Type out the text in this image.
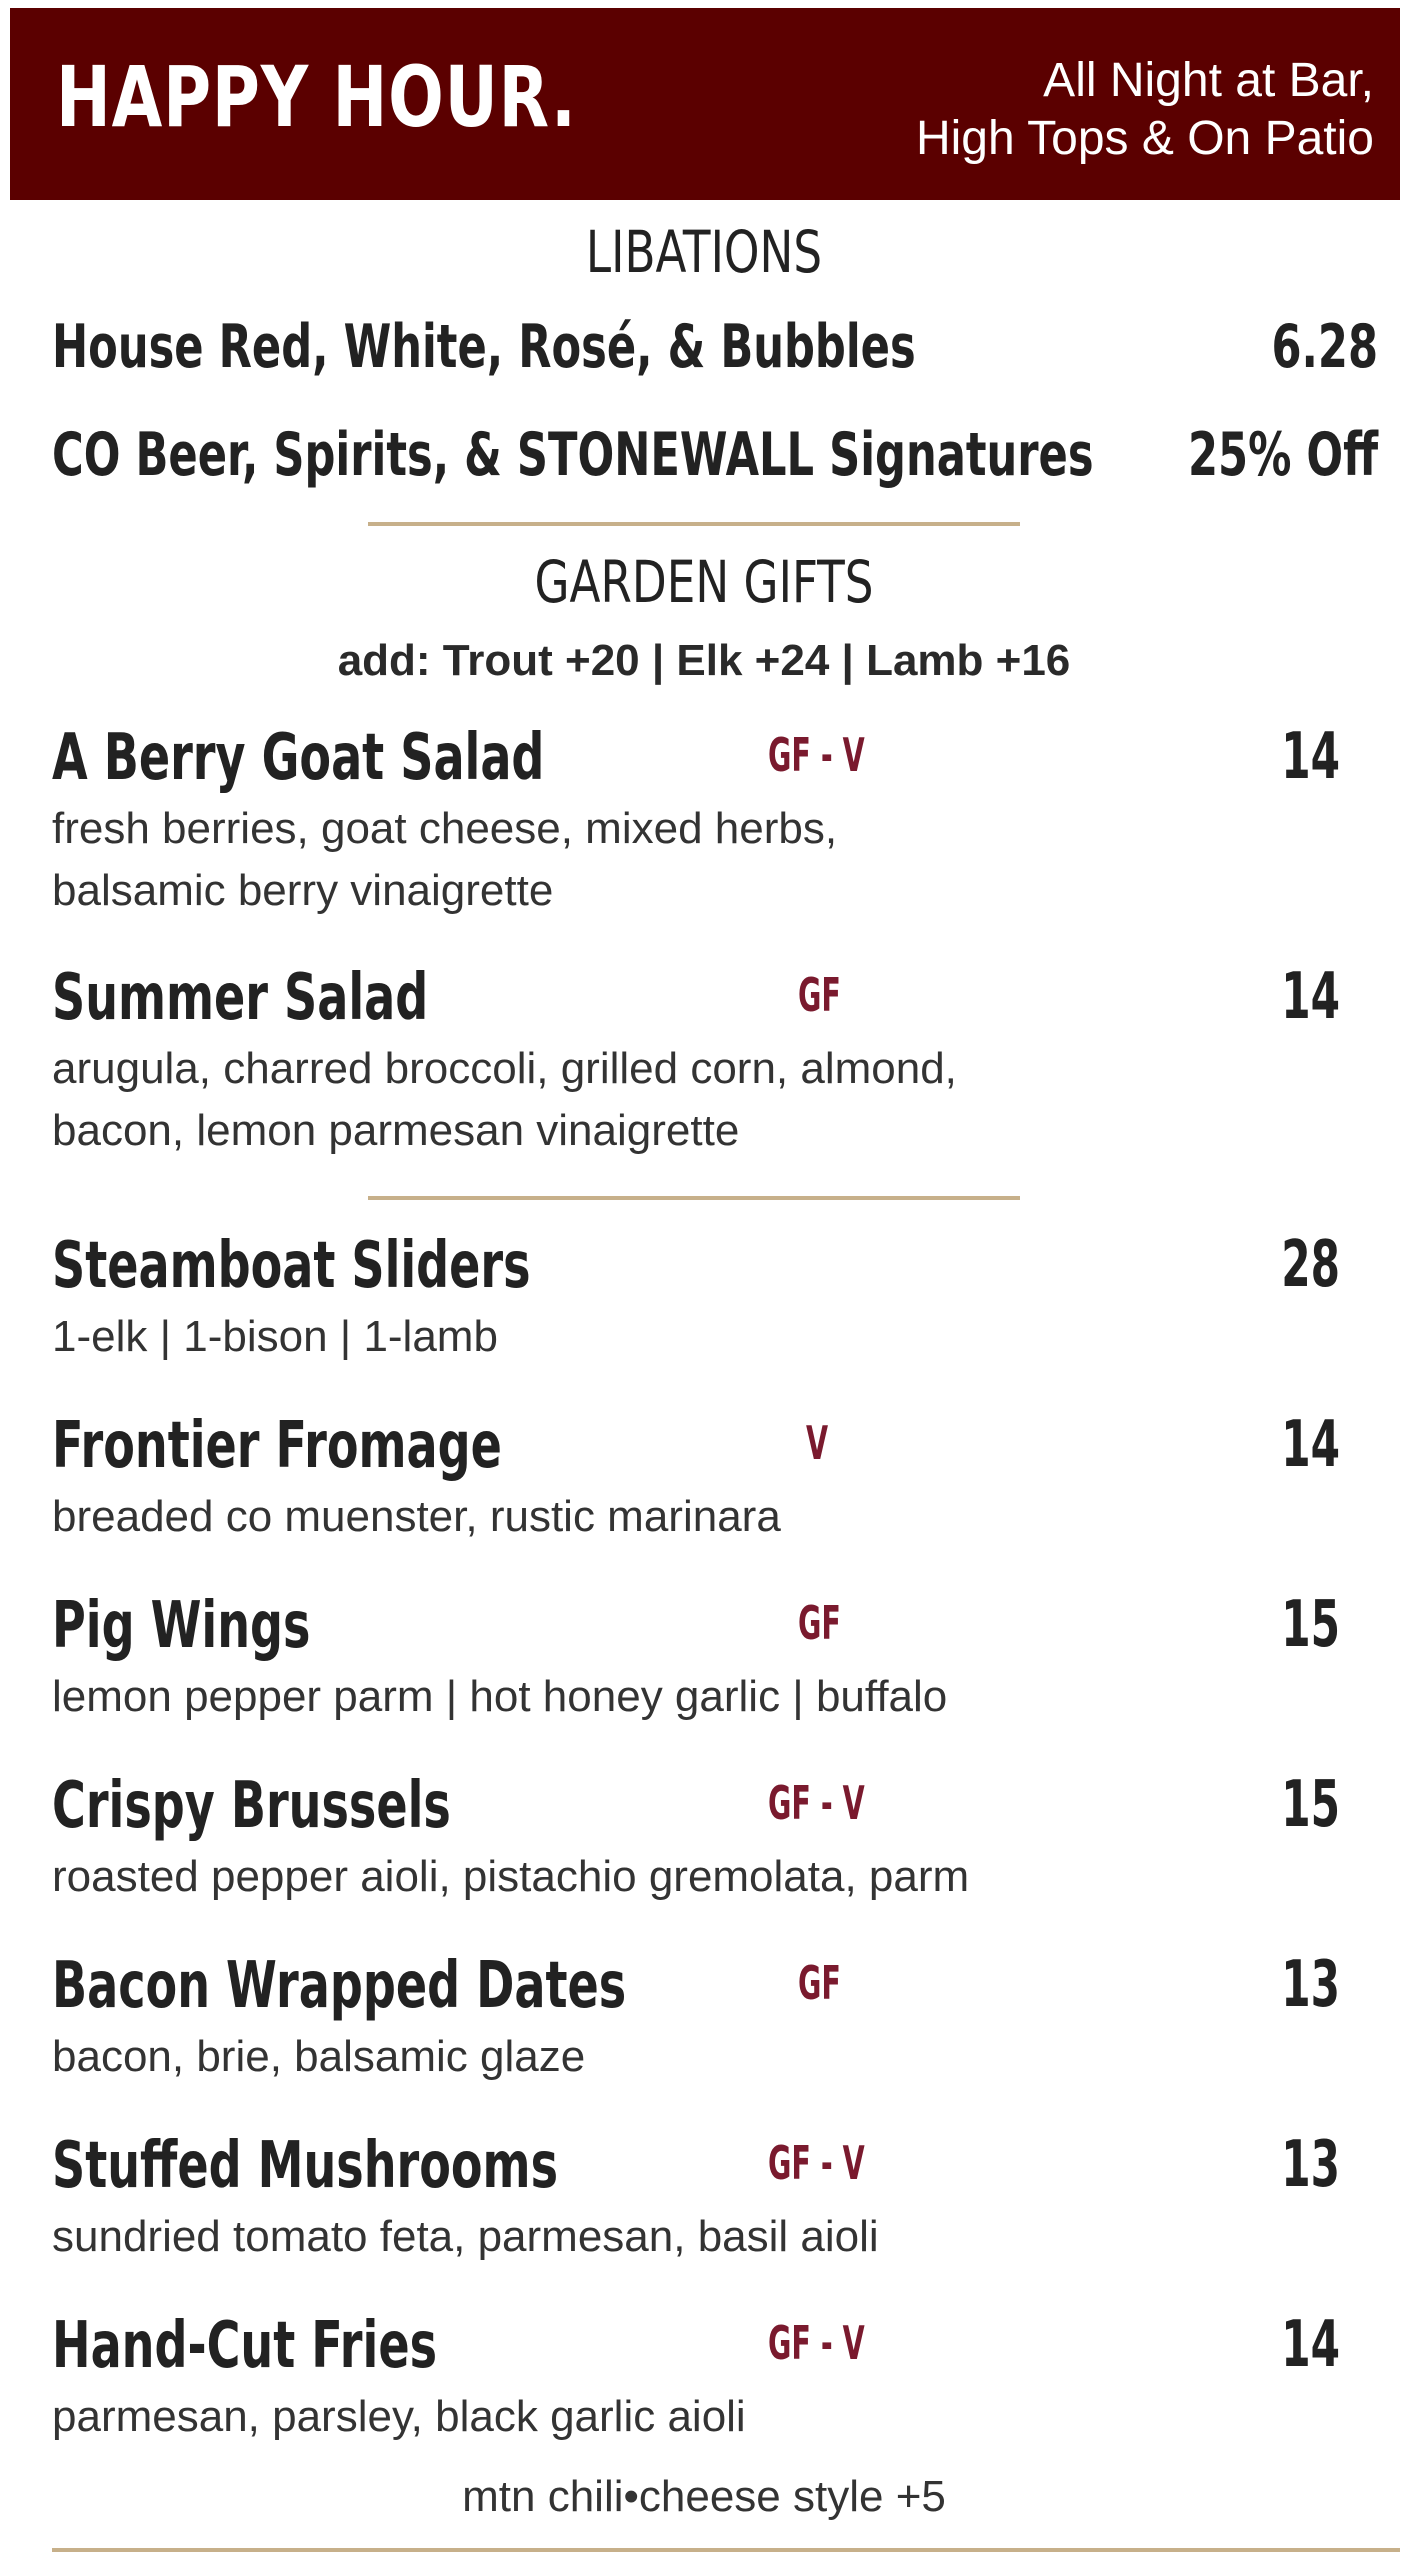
HAPPY HOUR.	All Night at Bar,
High Tops & On Patio
LIBATIONS
House Red, White, Rosé, & Bubbles	6.28
CO Beer, Spirits, & STONEWALL Signatures	25% Off
GARDEN GIFTS
add: Trout +20 | Elk +24 | Lamb +16
A Berry Goat Salad	GF - V	14
fresh berries, goat cheese, mixed herbs,
balsamic berry vinaigrette
Summer Salad	GF	14
arugula, charred broccoli, grilled corn, almond,
bacon, lemon parmesan vinaigrette
Steamboat Sliders	28
1-elk | 1-bison | 1-lamb
Frontier Fromage	V	14
breaded co muenster, rustic marinara
Pig Wings	GF	15
lemon pepper parm | hot honey garlic | buffalo
Crispy Brussels	GF - V	15
roasted pepper aioli, pistachio gremolata, parm
Bacon Wrapped Dates	GF	13
bacon, brie, balsamic glaze
Stuffed Mushrooms	GF - V	13
sundried tomato feta, parmesan, basil aioli
Hand-Cut Fries	GF - V	14
parmesan, parsley, black garlic aioli
mtn chili•cheese style +5
